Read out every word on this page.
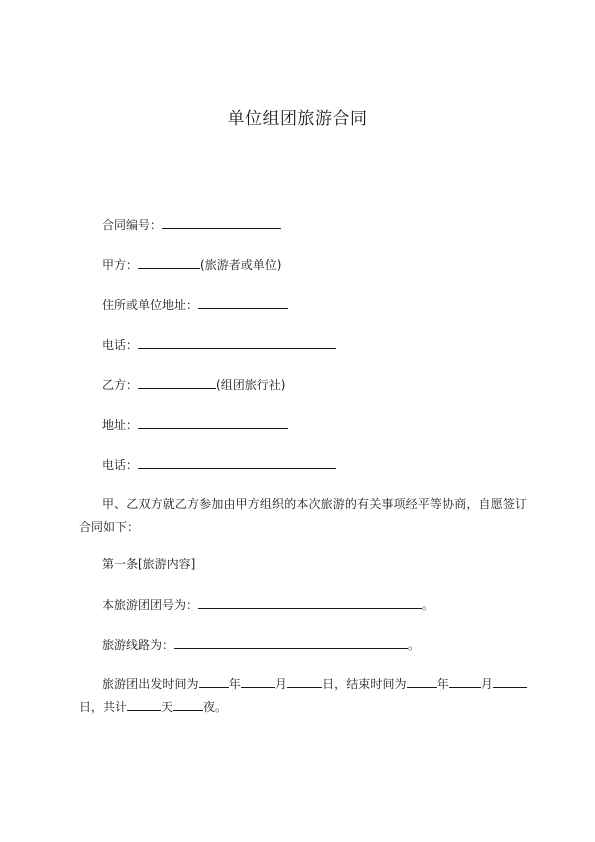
单位组团旅游合同
合同编号：
甲方：	(旅游者或单位)
住所或单位地址：
电话：
乙方：	(组团旅行社)
地址：
电话：
甲、乙双方就乙方参加由甲方组织的本次旅游的有关事项经平等协商，自愿签订合同如下：
第一条[旅游内容]
本旅游团团号为：	。
旅游线路为：	。
旅游团出发时间为	年	月	日，结束时间为	年	月日，共计	天	夜。
